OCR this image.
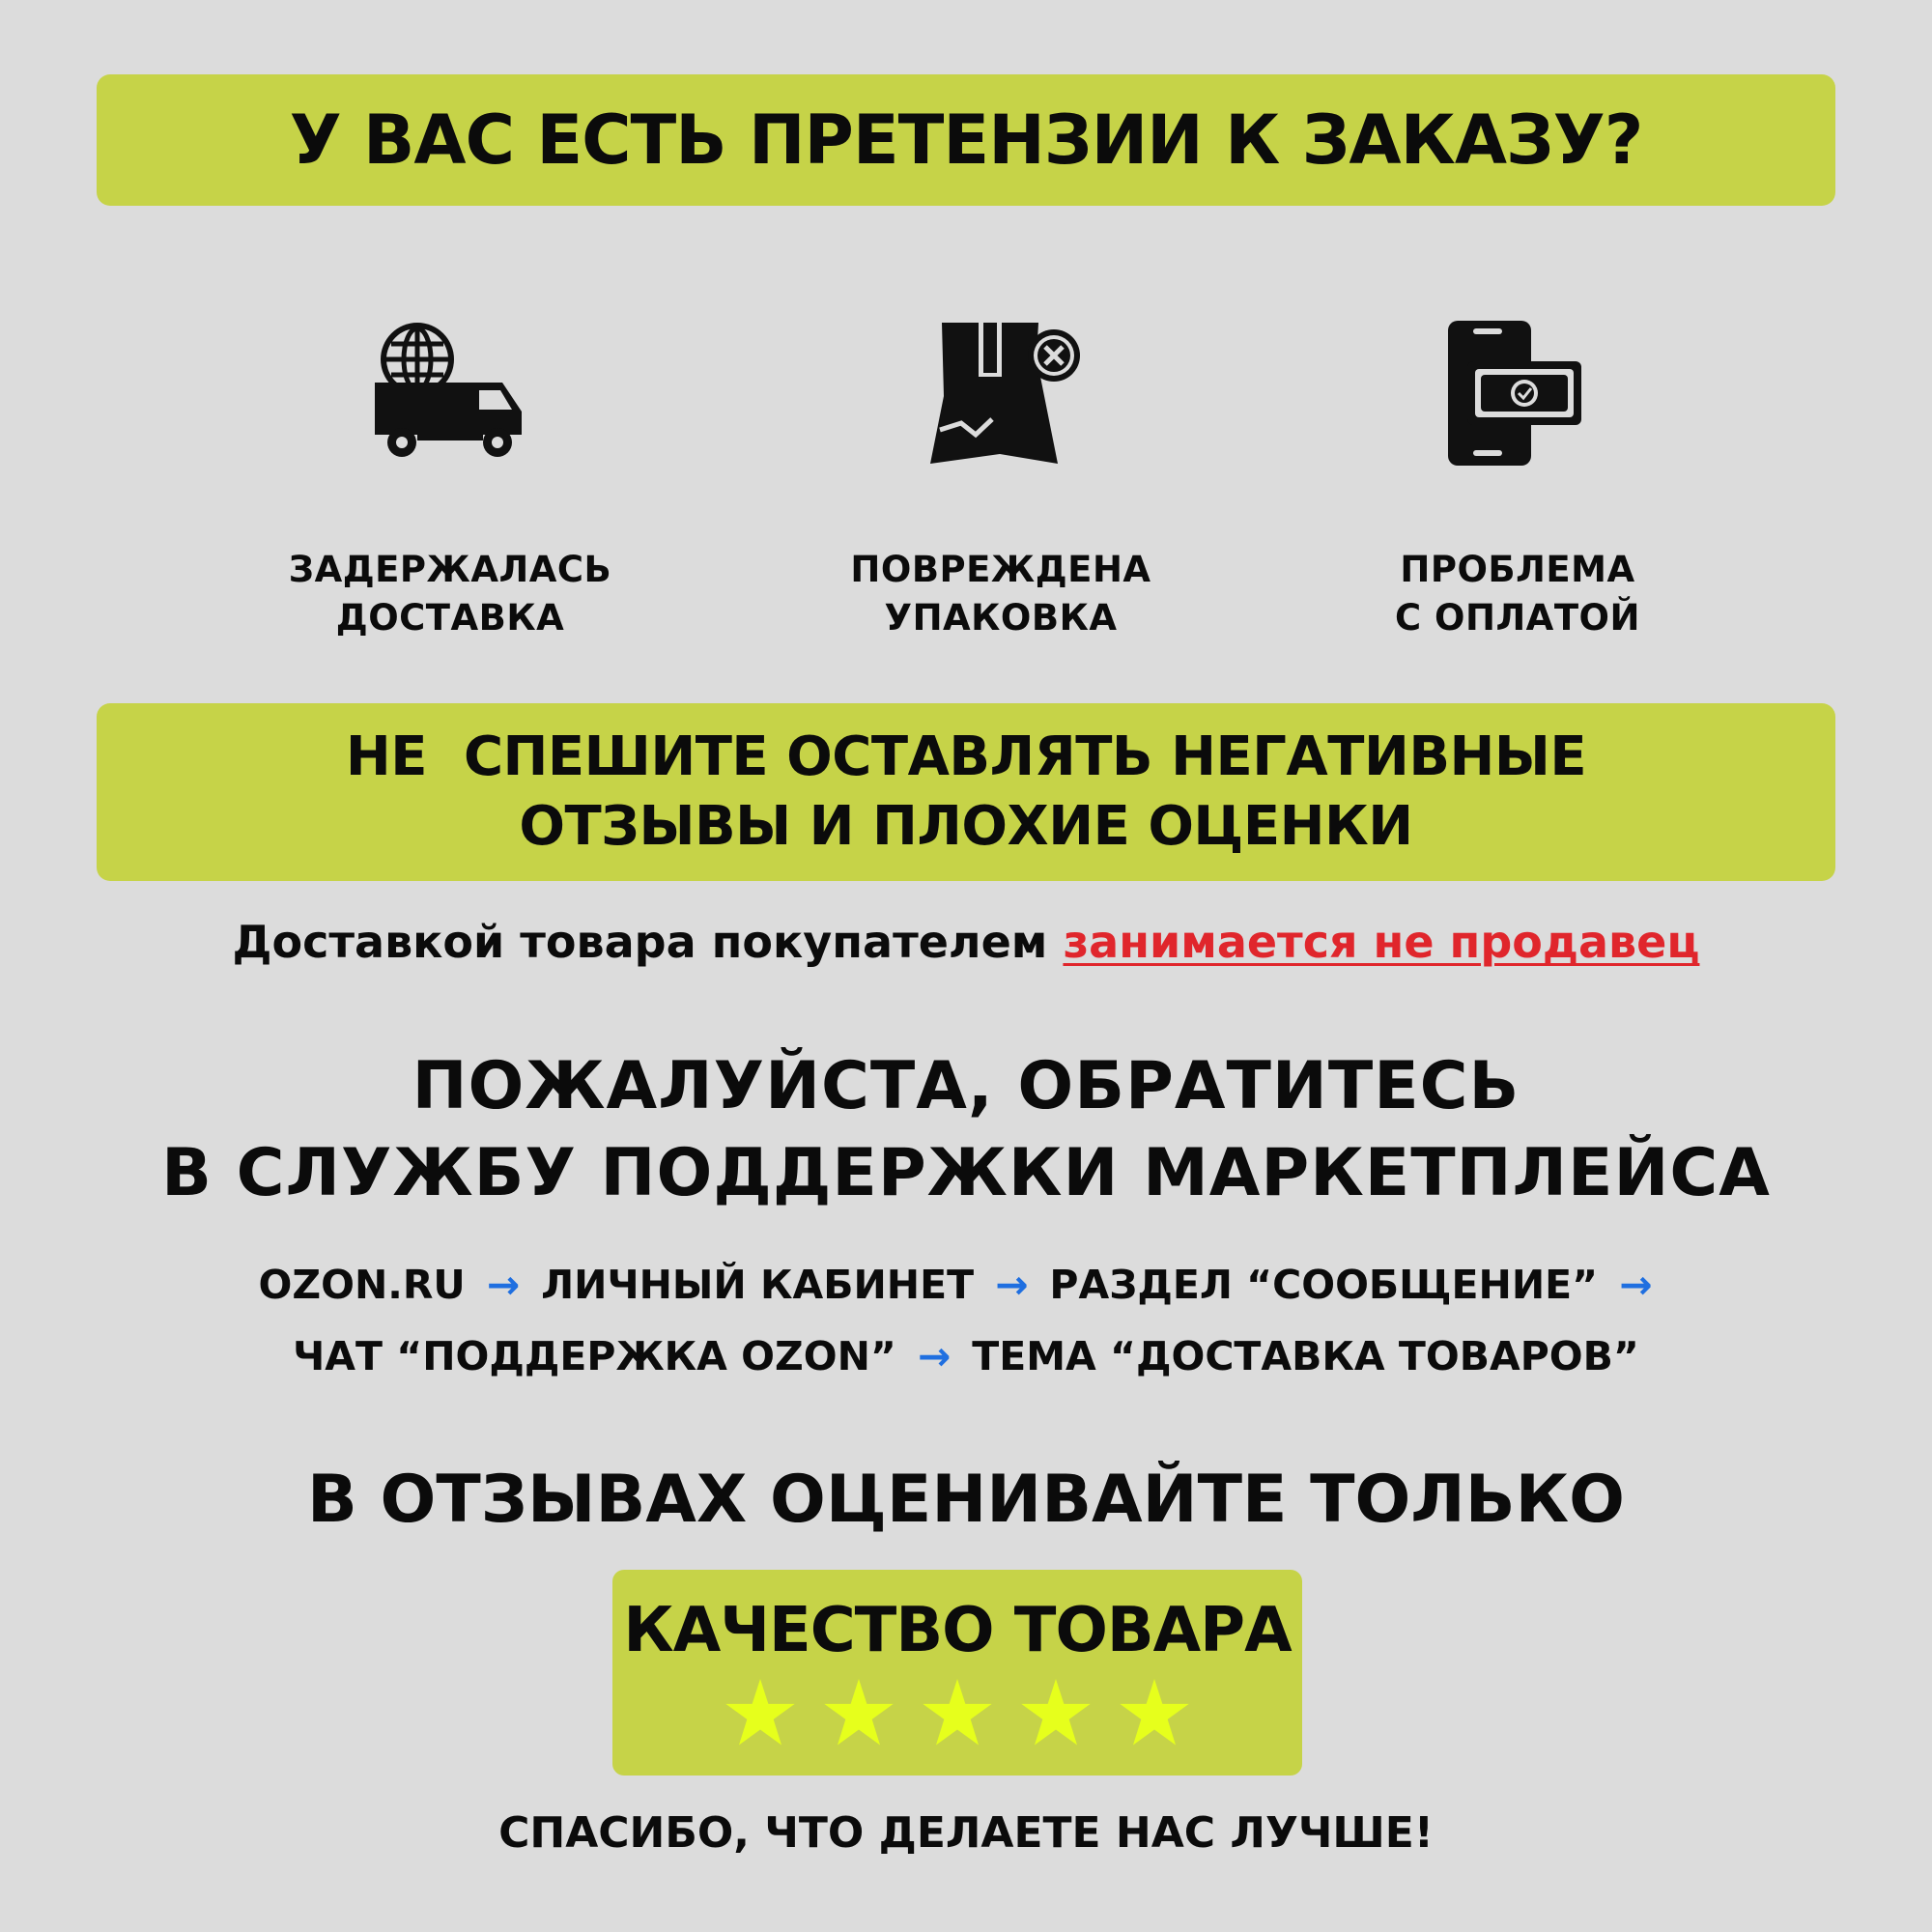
У ВАС ЕСТЬ ПРЕТЕНЗИИ К ЗАКАЗУ?
ЗАДЕРЖАЛАСЬ
ДОСТАВКА
ПОВРЕЖДЕНА
УПАКОВКА
ПРОБЛЕМА
С ОПЛАТОЙ
НЕ  СПЕШИТЕ ОСТАВЛЯТЬ НЕГАТИВНЫЕ
ОТЗЫВЫ И ПЛОХИЕ ОЦЕНКИ
Доставкой товара покупателем занимается не продавец
ПОЖАЛУЙСТА, ОБРАТИТЕСЬ
В СЛУЖБУ ПОДДЕРЖКИ МАРКЕТПЛЕЙСА
OZON.RU → ЛИЧНЫЙ КАБИНЕТ → РАЗДЕЛ “СООБЩЕНИЕ” →
ЧАТ “ПОДДЕРЖКА OZON” → ТЕМА “ДОСТАВКА ТОВАРОВ”
В ОТЗЫВАХ ОЦЕНИВАЙТЕ ТОЛЬКО
КАЧЕСТВО ТОВАРА
СПАСИБО, ЧТО ДЕЛАЕТЕ НАС ЛУЧШЕ!
